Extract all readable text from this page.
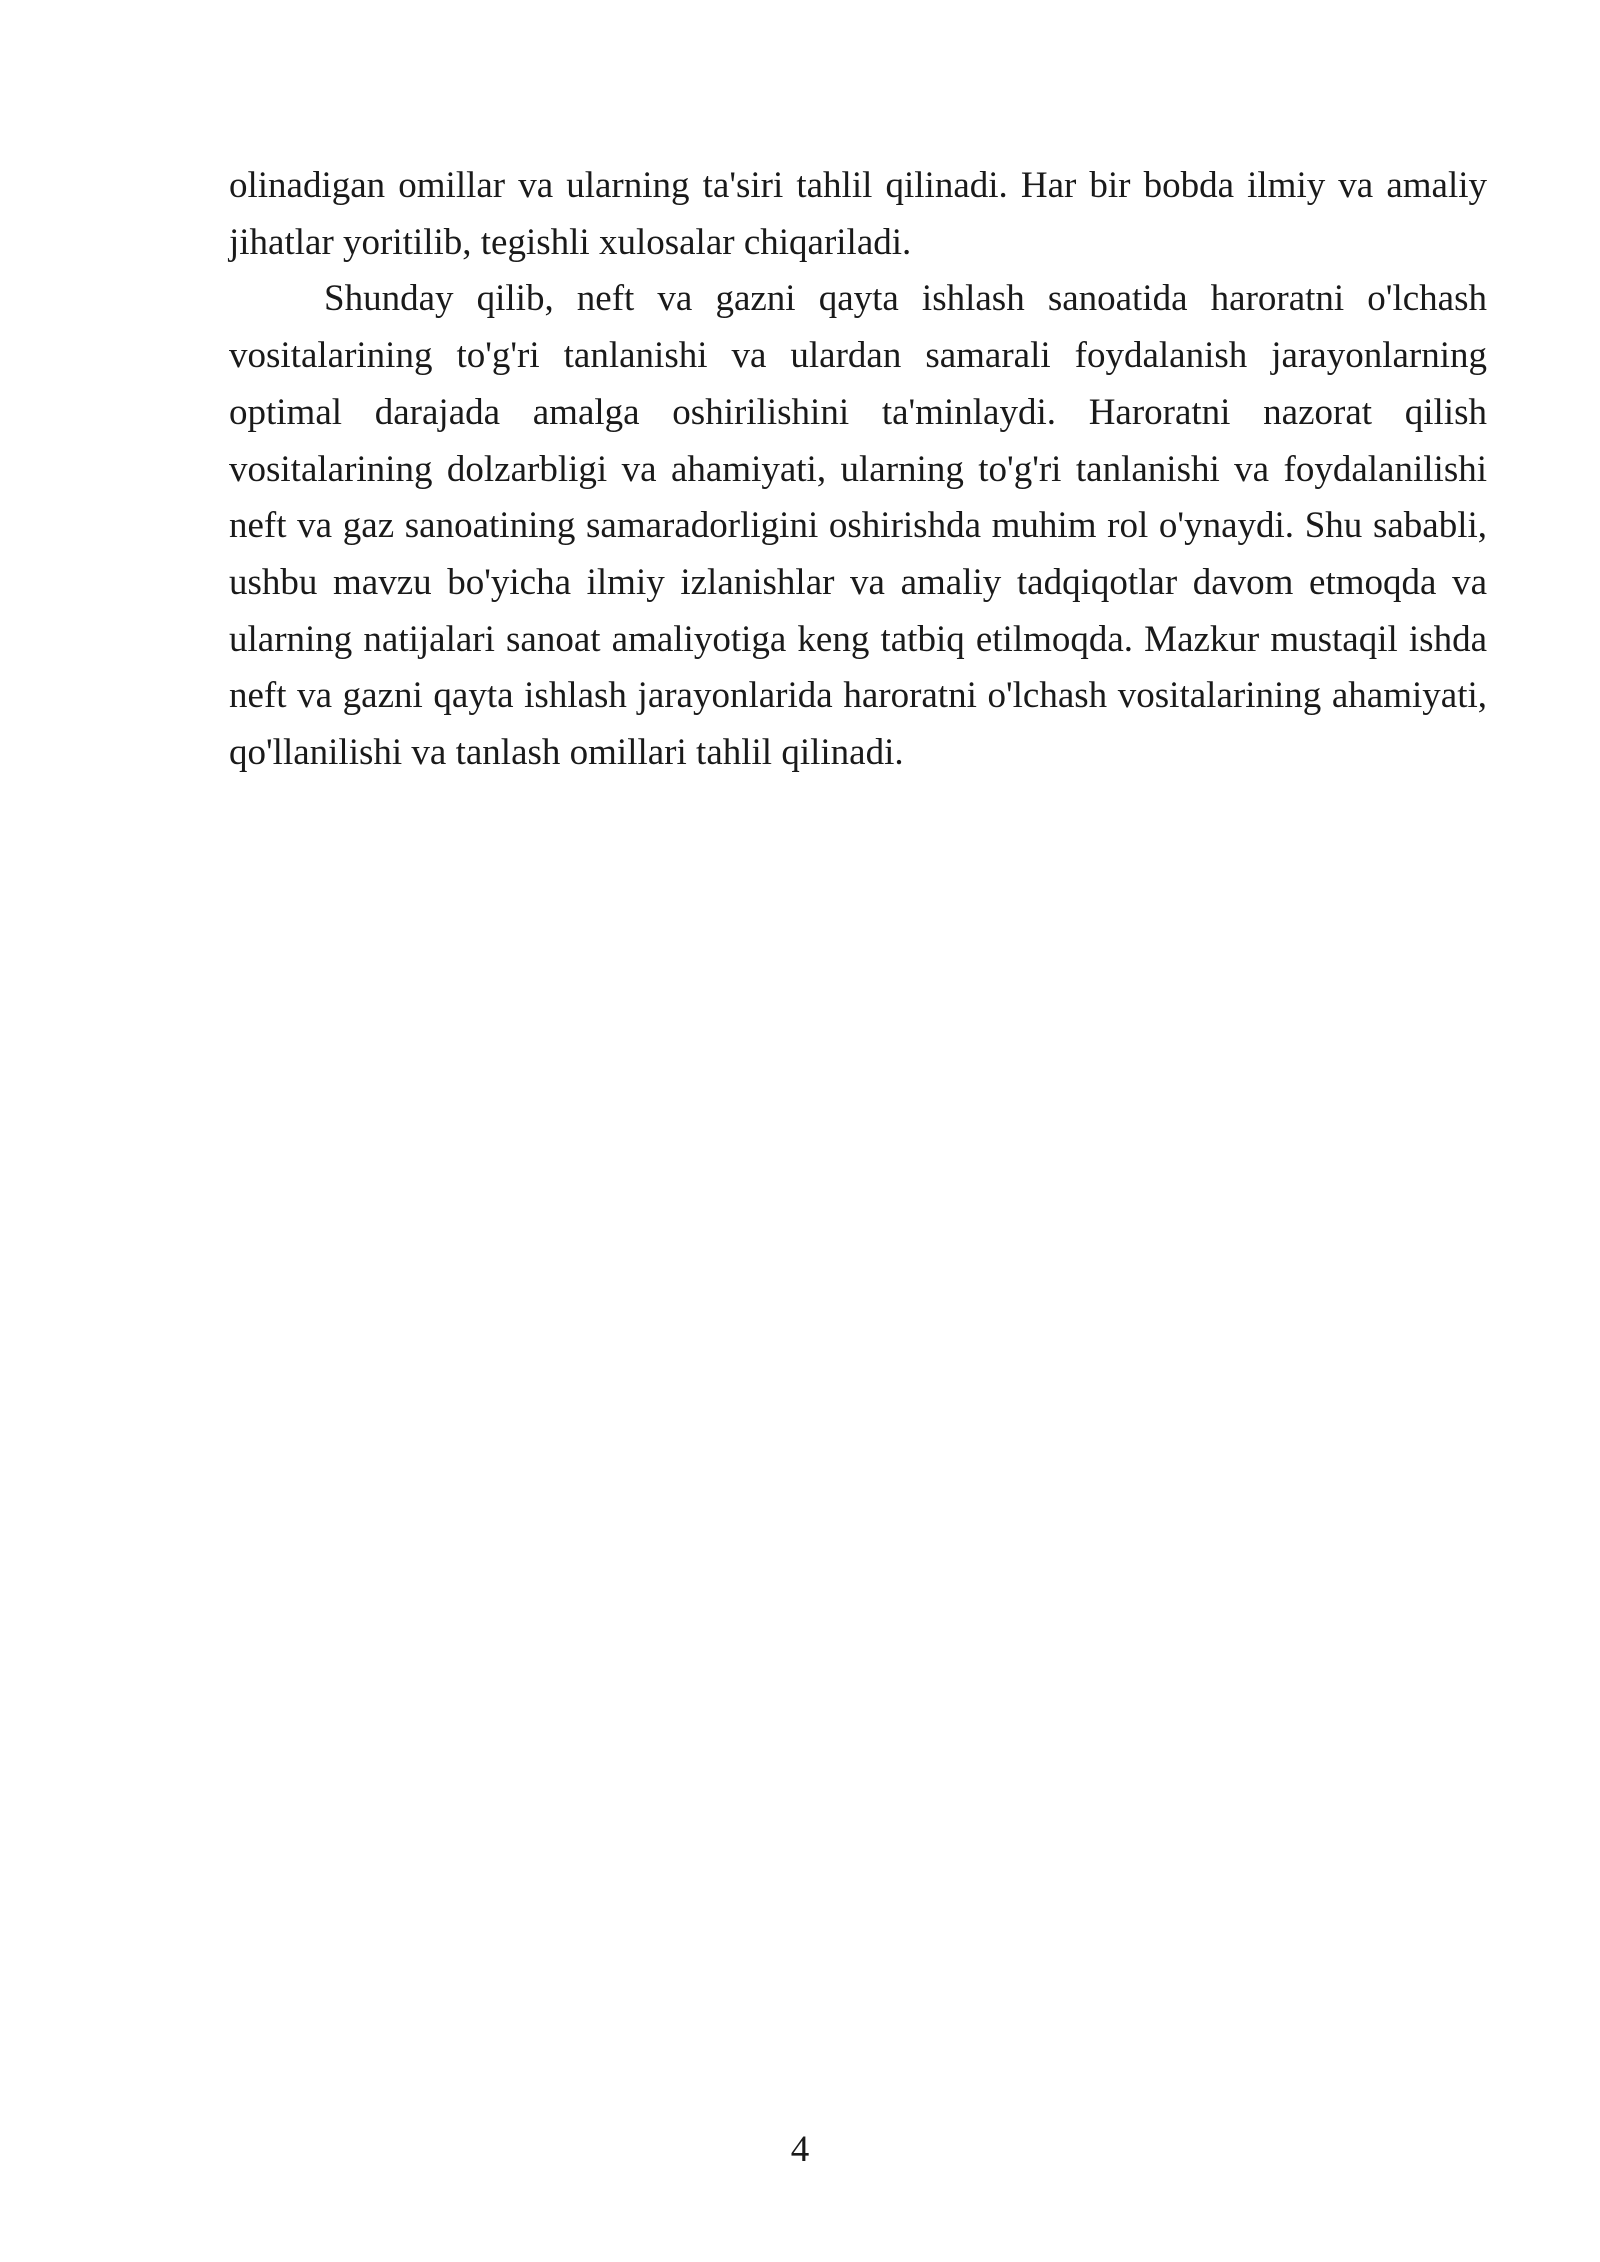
olinadigan omillar va ularning ta'siri tahlil qilinadi. Har bir bobda ilmiy va amaliy jihatlar yoritilib, tegishli xulosalar chiqariladi.

Shunday qilib, neft va gazni qayta ishlash sanoatida haroratni o'lchash vositalarining to'g'ri tanlanishi va ulardan samarali foydalanish jarayonlarning optimal darajada amalga oshirilishini ta'minlaydi. Haroratni nazorat qilish vositalarining dolzarbligi va ahamiyati, ularning to'g'ri tanlanishi va foydalanilishi neft va gaz sanoatining samaradorligini oshirishda muhim rol o'ynaydi. Shu sababli, ushbu mavzu bo'yicha ilmiy izlanishlar va amaliy tadqiqotlar davom etmoqda va ularning natijalari sanoat amaliyotiga keng tatbiq etilmoqda. Mazkur mustaqil ishda neft va gazni qayta ishlash jarayonlarida haroratni o'lchash vositalarining ahamiyati, qo'llanilishi va tanlash omillari tahlil qilinadi.

4
